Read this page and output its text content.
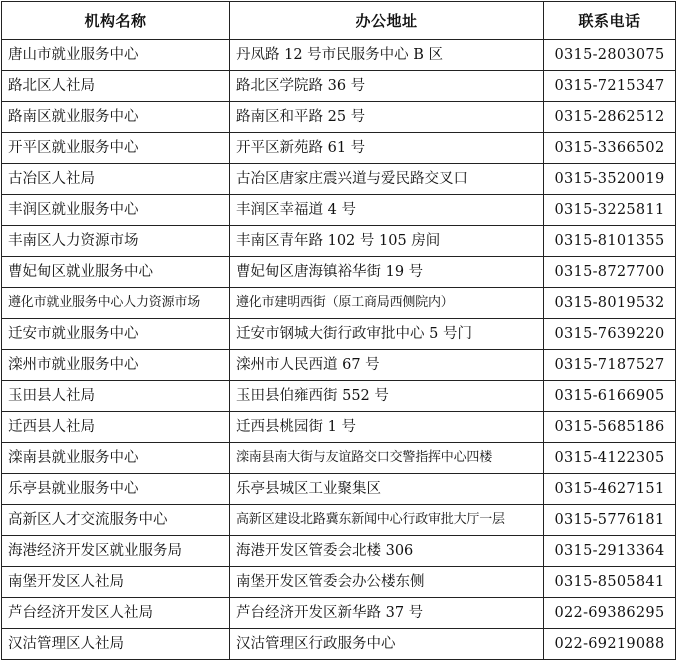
机构名称	办公地址	联系电话
唐山市就业服务中心	丹凤路 12 号市民服务中心 B 区	0315-2803075
路北区人社局	路北区学院路 36 号	0315-7215347
路南区就业服务中心	路南区和平路 25 号	0315-2862512
开平区就业服务中心	开平区新苑路 61 号	0315-3366502
古冶区人社局	古冶区唐家庄震兴道与爱民路交叉口	0315-3520019
丰润区就业服务中心	丰润区幸福道 4 号	0315-3225811
丰南区人力资源市场	丰南区青年路 102 号 105 房间	0315-8101355
曹妃甸区就业服务中心	曹妃甸区唐海镇裕华街 19 号	0315-8727700
遵化市就业服务中心人力资源市场	遵化市建明西街（原工商局西侧院内）	0315-8019532
迁安市就业服务中心	迁安市钢城大街行政审批中心 5 号门	0315-7639220
滦州市就业服务中心	滦州市人民西道 67 号	0315-7187527
玉田县人社局	玉田县伯雍西街 552 号	0315-6166905
迁西县人社局	迁西县桃园街 1 号	0315-5685186
滦南县就业服务中心	滦南县南大街与友谊路交口交警指挥中心四楼	0315-4122305
乐亭县就业服务中心	乐亭县城区工业聚集区	0315-4627151
高新区人才交流服务中心	高新区建设北路冀东新闻中心行政审批大厅一层	0315-5776181
海港经济开发区就业服务局	海港开发区管委会北楼 306	0315-2913364
南堡开发区人社局	南堡开发区管委会办公楼东侧	0315-8505841
芦台经济开发区人社局	芦台经济开发区新华路 37 号	022-69386295
汉沽管理区人社局	汉沽管理区行政服务中心	022-69219088
